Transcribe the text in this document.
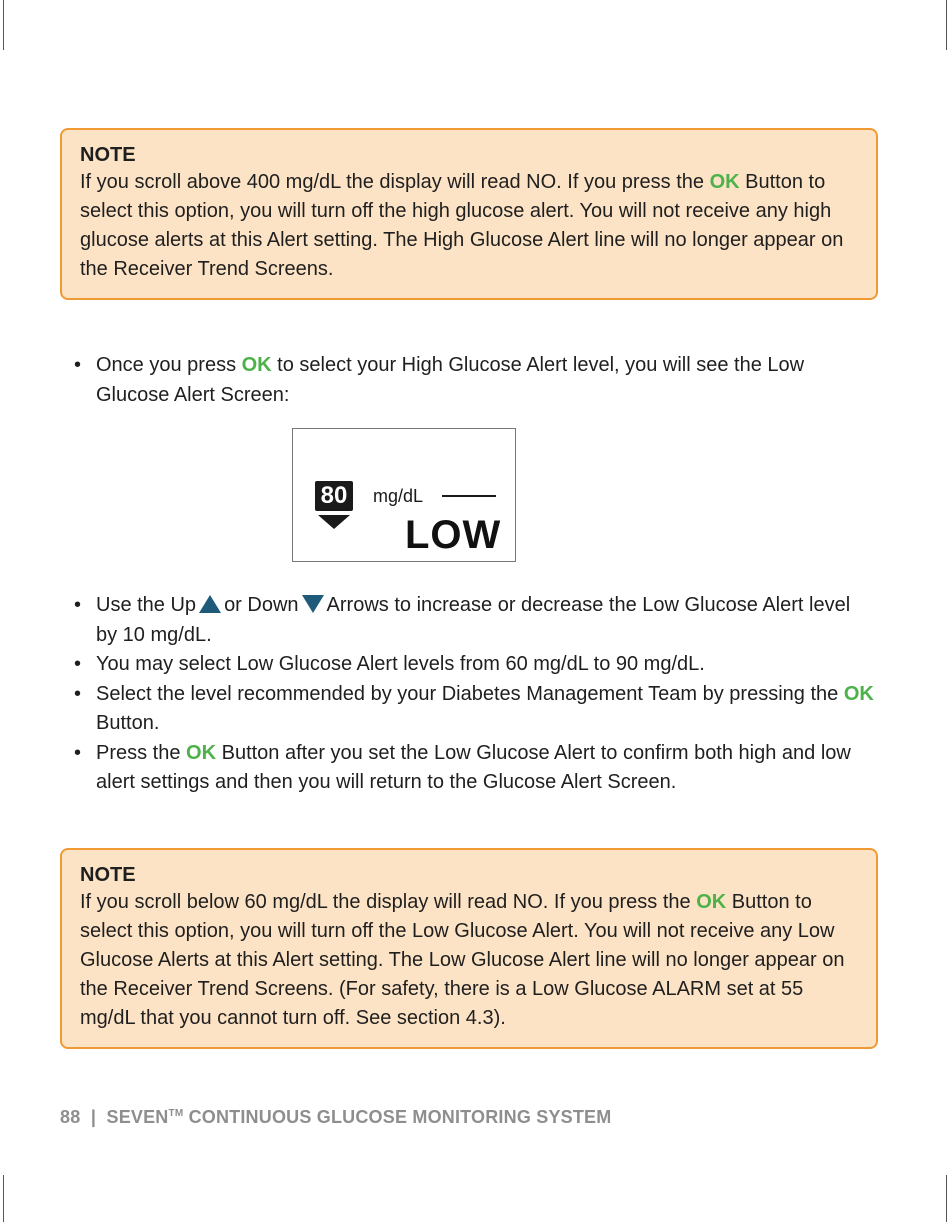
NOTE
If you scroll above 400 mg/dL the display will read NO. If you press the OK Button to select this option, you will turn off the high glucose alert. You will not receive any high glucose alerts at this Alert setting. The High Glucose Alert line will no longer appear on the Receiver Trend Screens.
• Once you press OK to select your High Glucose Alert level, you will see the Low Glucose Alert Screen:
80	mg/dL
LOW
• Use the Up or Down Arrows to increase or decrease the Low Glucose Alert level by 10 mg/dL.
• You may select Low Glucose Alert levels from 60 mg/dL to 90 mg/dL.
• Select the level recommended by your Diabetes Management Team by pressing the OK Button.
• Press the OK Button after you set the Low Glucose Alert to confirm both high and low alert settings and then you will return to the Glucose Alert Screen.
NOTE
If you scroll below 60 mg/dL the display will read NO. If you press the OK Button to select this option, you will turn off the Low Glucose Alert. You will not receive any Low Glucose Alerts at this Alert setting. The Low Glucose Alert line will no longer appear on the Receiver Trend Screens. (For safety, there is a Low Glucose ALARM set at 55 mg/dL that you cannot turn off. See section 4.3).
88 | SEVEN™ CONTINUOUS GLUCOSE MONITORING SYSTEM
